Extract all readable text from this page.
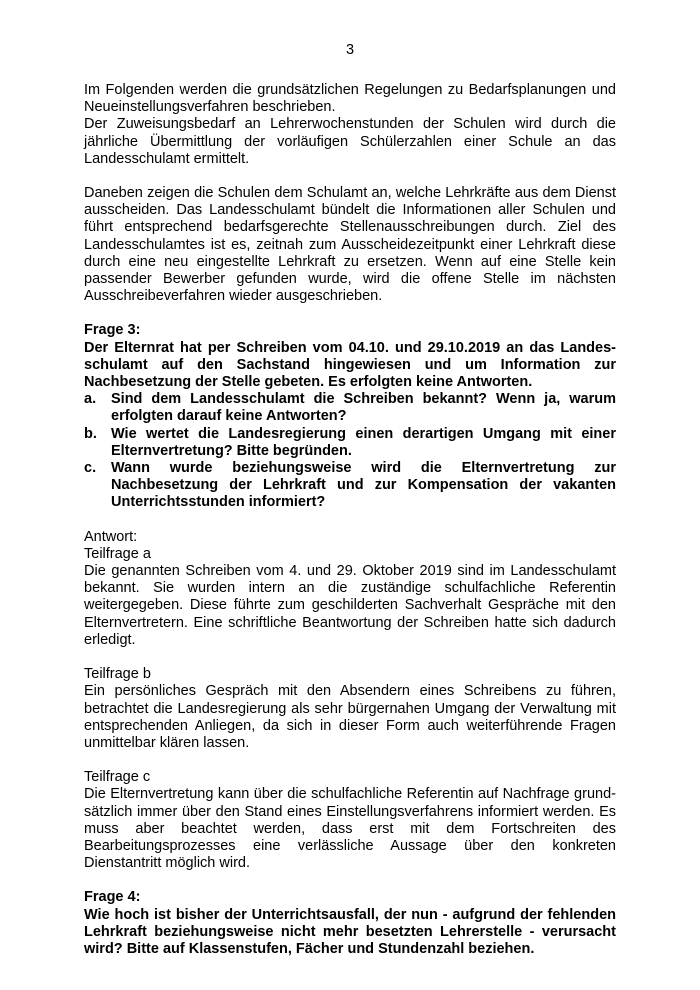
3

Im Folgenden werden die grundsätzlichen Regelungen zu Bedarfsplanungen und Neueinstellungsverfahren beschrieben.

Der Zuweisungsbedarf an Lehrerwochenstunden der Schulen wird durch die jährliche Übermittlung der vorläufigen Schülerzahlen einer Schule an das Landesschulamt ermittelt.

Daneben zeigen die Schulen dem Schulamt an, welche Lehrkräfte aus dem Dienst ausscheiden. Das Landesschulamt bündelt die Informationen aller Schulen und führt entsprechend bedarfsgerechte Stellenausschreibungen durch. Ziel des Landesschulamtes ist es, zeitnah zum Ausscheidezeitpunkt einer Lehrkraft diese durch eine neu eingestellte Lehrkraft zu ersetzen. Wenn auf eine Stelle kein passender Bewerber gefunden wurde, wird die offene Stelle im nächsten Ausschreibeverfahren wieder ausgeschrieben.

Frage 3:

Der Elternrat hat per Schreiben vom 04.10. und 29.10.2019 an das Landesschulamt auf den Sachstand hingewiesen und um Information zur Nachbesetzung der Stelle gebeten. Es erfolgten keine Antworten.

a.	Sind dem Landesschulamt die Schreiben bekannt? Wenn ja, warum erfolgten darauf keine Antworten?
b. Wie wertet die Landesregierung einen derartigen Umgang mit einer Elternvertretung? Bitte begründen.
c.	Wann wurde beziehungsweise wird die Elternvertretung zur Nachbesetzung der Lehrkraft und zur Kompensation der vakanten Unterrichtsstunden informiert?

Antwort:

Teilfrage a

Die genannten Schreiben vom 4. und 29. Oktober 2019 sind im Landesschulamt bekannt. Sie wurden intern an die zuständige schulfachliche Referentin weitergegeben. Diese führte zum geschilderten Sachverhalt Gespräche mit den Elternvertretern. Eine schriftliche Beantwortung der Schreiben hatte sich dadurch erledigt.

Teilfrage b

Ein persönliches Gespräch mit den Absendern eines Schreibens zu führen, betrachtet die Landesregierung als sehr bürgernahen Umgang der Verwaltung mit entsprechenden Anliegen, da sich in dieser Form auch weiterführende Fragen unmittelbar klären lassen.

Teilfrage c

Die Elternvertretung kann über die schulfachliche Referentin auf Nachfrage grundsätzlich immer über den Stand eines Einstellungsverfahrens informiert werden. Es muss aber beachtet werden, dass erst mit dem Fortschreiten des Bearbeitungsprozesses eine verlässliche Aussage über den konkreten Dienstantritt möglich wird.

Frage 4:

Wie hoch ist bisher der Unterrichtsausfall, der nun - aufgrund der fehlenden Lehrkraft beziehungsweise nicht mehr besetzten Lehrerstelle - verursacht wird? Bitte auf Klassenstufen, Fächer und Stundenzahl beziehen.
